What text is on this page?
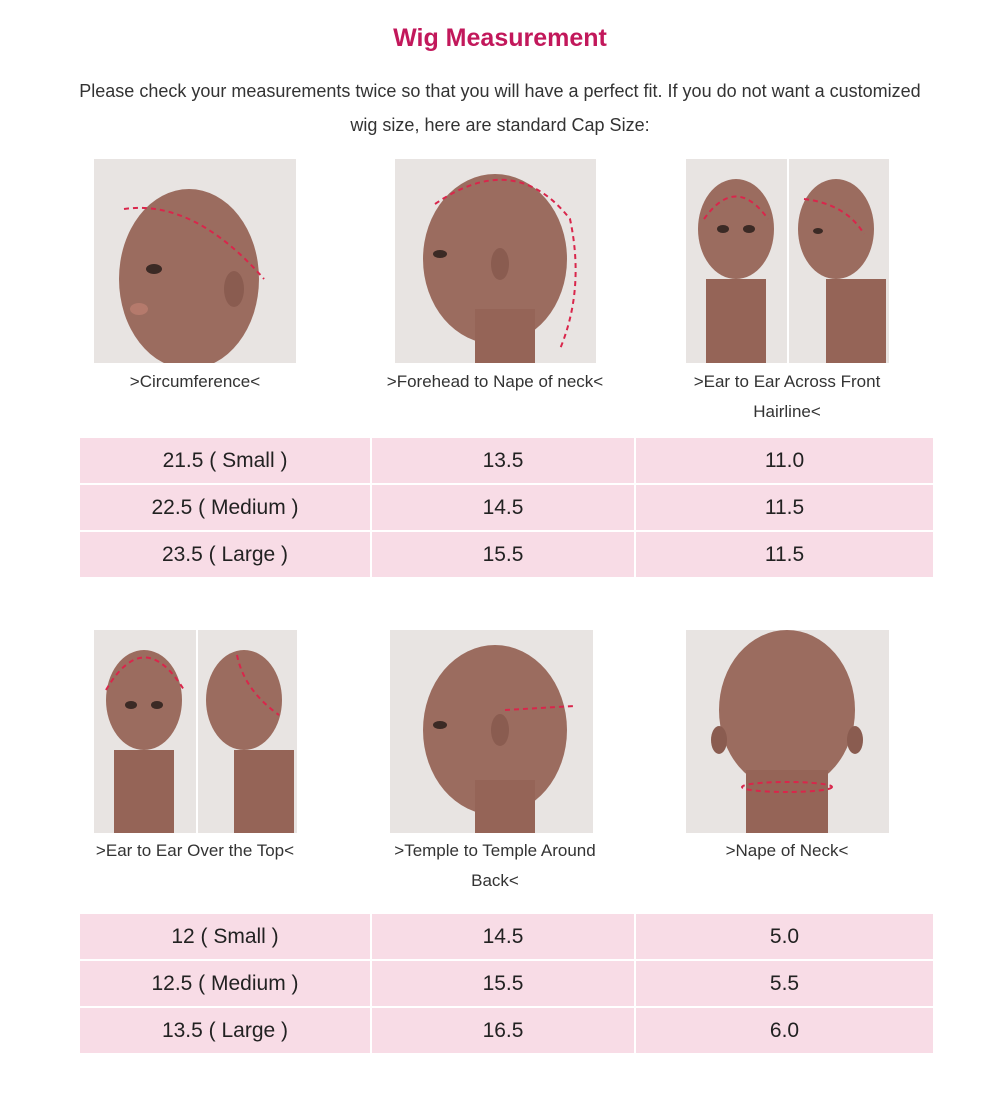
Wig Measurement
Please check your measurements twice so that you will have a perfect fit. If you do not want a customized wig size, here are standard Cap Size:
>Circumference<	>Forehead to Nape of neck<	>Ear to Ear Across Front Hairline<
21.5 ( Small )	13.5	11.0
22.5 ( Medium )	14.5	11.5
23.5 ( Large )	15.5	11.5
>Ear to Ear Over the Top<	>Temple to Temple Around Back<
>Nape of Neck<
12 ( Small )	14.5	5.0
12.5 ( Medium )	15.5	5.5
13.5 ( Large )	16.5	6.0
